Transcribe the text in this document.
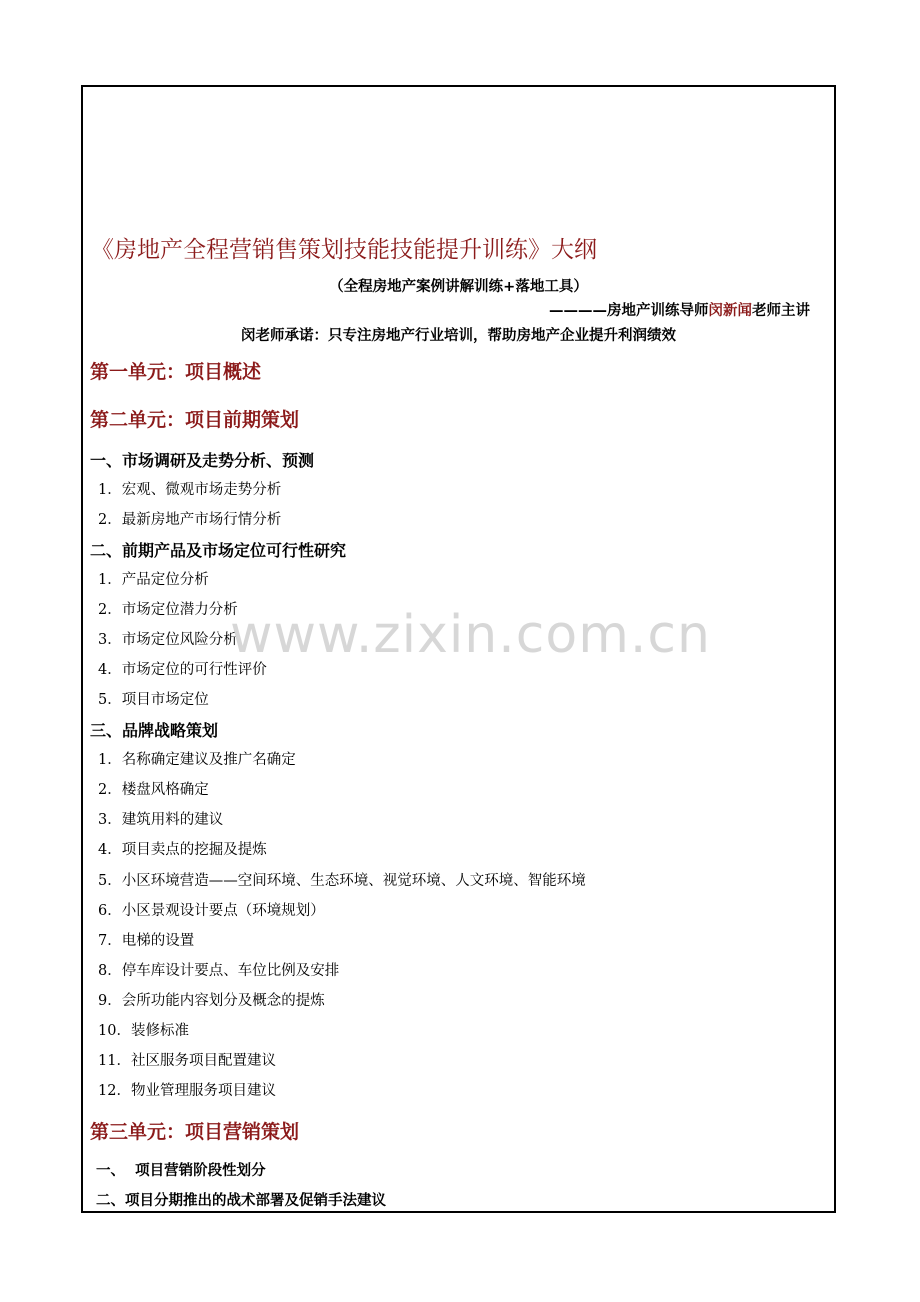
《房地产全程营销售策划技能技能提升训练》大纲
（全程房地产案例讲解训练+落地工具）
————房地产训练导师闵新闻老师主讲
闵老师承诺：只专注房地产行业培训，帮助房地产企业提升利润绩效
第一单元：项目概述
第二单元：项目前期策划
一、市场调研及走势分析、预测
1．宏观、微观市场走势分析
2．最新房地产市场行情分析
二、前期产品及市场定位可行性研究
1．产品定位分析
2．市场定位潜力分析
3．市场定位风险分析
4．市场定位的可行性评价
5．项目市场定位
三、品牌战略策划
1．名称确定建议及推广名确定
2．楼盘风格确定
3．建筑用料的建议
4．项目卖点的挖掘及提炼
5．小区环境营造——空间环境、生态环境、视觉环境、人文环境、智能环境
6．小区景观设计要点（环境规划）
7．电梯的设置
8．停车库设计要点、车位比例及安排
9．会所功能内容划分及概念的提炼
10．装修标准
11．社区服务项目配置建议
12．物业管理服务项目建议
第三单元：项目营销策划
一、  项目营销阶段性划分
二、项目分期推出的战术部署及促销手法建议
www.zixin.com.cn
